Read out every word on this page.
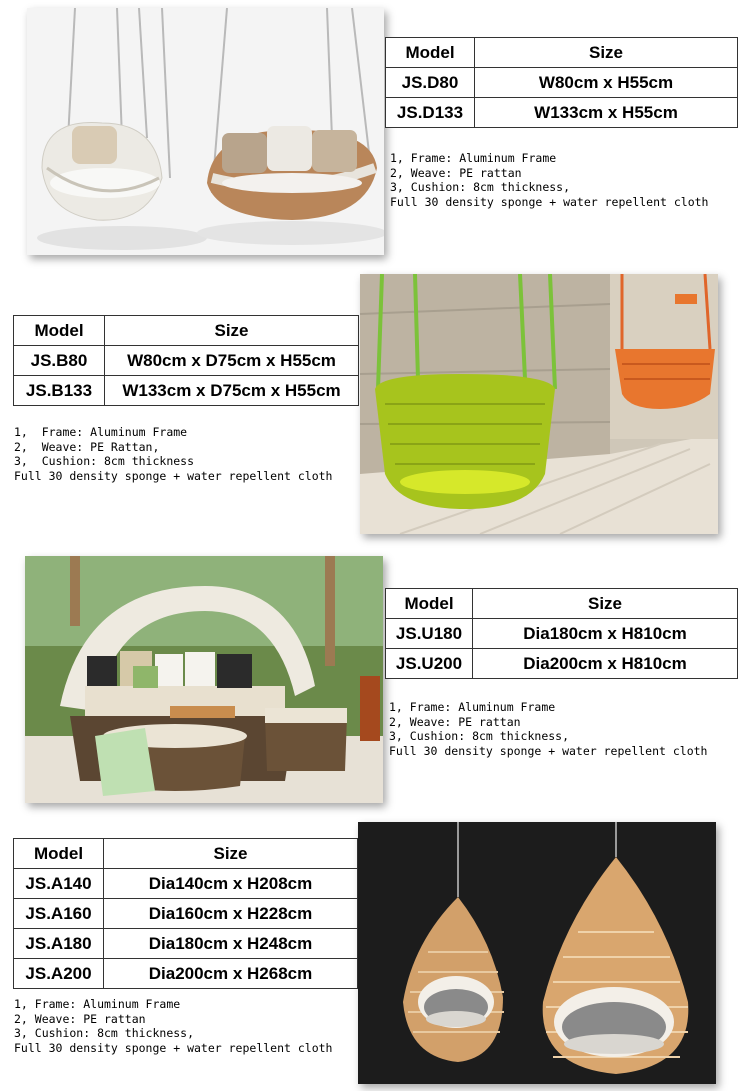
Model	Size
JS.D80	W80cm x H55cm
JS.D133	W133cm x H55cm
1, Frame: Aluminum Frame
2, Weave: PE rattan
3, Cushion: 8cm thickness,
Full 30 density sponge + water repellent cloth
Model	Size
JS.B80	W80cm x D75cm x H55cm
JS.B133	W133cm x D75cm x H55cm
1,  Frame: Aluminum Frame
2,  Weave: PE Rattan,
3,  Cushion: 8cm thickness
Full 30 density sponge + water repellent cloth
Model	Size
JS.U180	Dia180cm x H810cm
JS.U200	Dia200cm x H810cm
1, Frame: Aluminum Frame
2, Weave: PE rattan
3, Cushion: 8cm thickness,
Full 30 density sponge + water repellent cloth
Model	Size
JS.A140	Dia140cm x H208cm
JS.A160	Dia160cm x H228cm
JS.A180	Dia180cm x H248cm
JS.A200	Dia200cm x H268cm
1, Frame: Aluminum Frame
2, Weave: PE rattan
3, Cushion: 8cm thickness,
Full 30 density sponge + water repellent cloth
